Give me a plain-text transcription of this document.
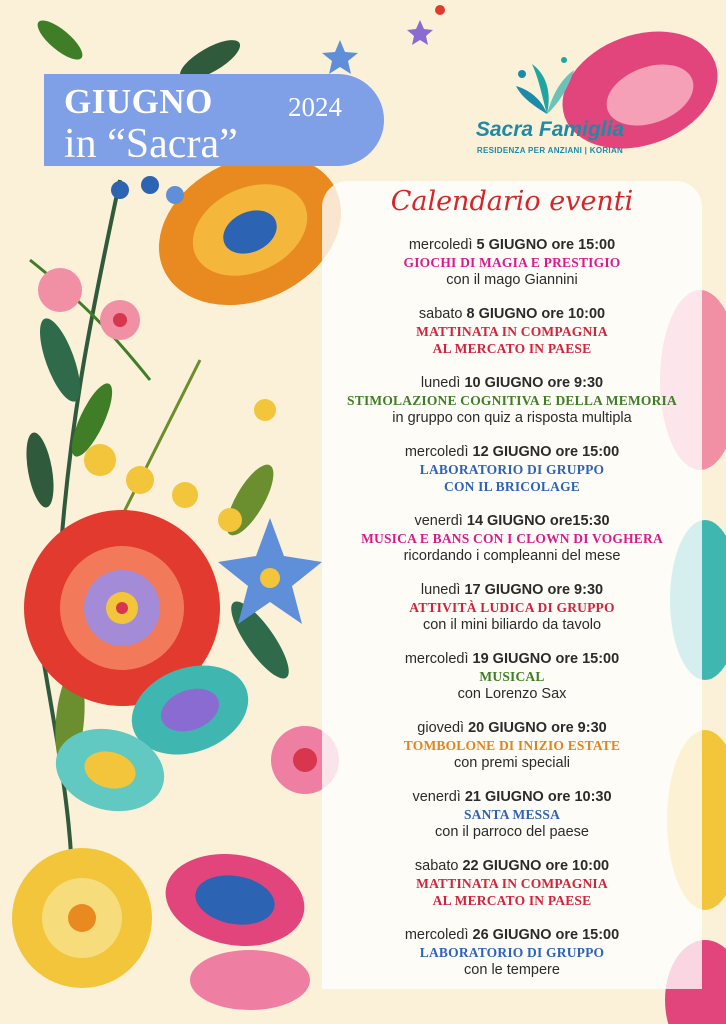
GIUGNO	2024
in “Sacra”	Sacra Famiglia
RESIDENZA PER ANZIANI | KORIAN
Calendario eventi
mercoledì 5 GIUGNO ore 15:00
GIOCHI DI MAGIA E PRESTIGIO
con il mago Giannini
sabato 8 GIUGNO ore 10:00
MATTINATA IN COMPAGNIA
AL MERCATO IN PAESE
lunedì 10 GIUGNO ore 9:30
STIMOLAZIONE COGNITIVA E DELLA MEMORIA
in gruppo con quiz a risposta multipla
mercoledì 12 GIUGNO ore 15:00
LABORATORIO DI GRUPPO
CON IL BRICOLAGE
venerdì 14 GIUGNO ore15:30
MUSICA E BANS CON I CLOWN DI VOGHERA
ricordando i compleanni del mese
lunedì 17 GIUGNO ore 9:30
ATTIVITÀ LUDICA DI GRUPPO
con il mini biliardo da tavolo
mercoledì 19 GIUGNO ore 15:00
MUSICAL
con Lorenzo Sax
giovedì 20 GIUGNO ore 9:30
TOMBOLONE DI INIZIO ESTATE
con premi speciali
venerdì 21 GIUGNO ore 10:30
SANTA MESSA
con il parroco del paese
sabato 22 GIUGNO ore 10:00
MATTINATA IN COMPAGNIA
AL MERCATO IN PAESE
mercoledì 26 GIUGNO ore 15:00
LABORATORIO DI GRUPPO
con le tempere
